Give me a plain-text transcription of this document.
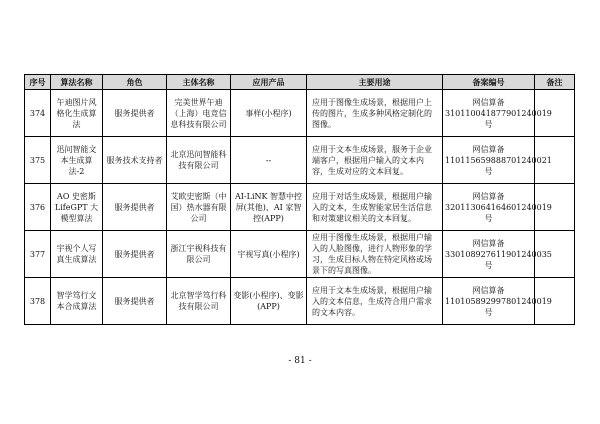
序号	算法名称	角色	主体名称	应用产品	主要用途	备案编号	备注
374	午迪图片风格化生成算法	服务提供者	完美世界午迪（上海）电竞信息科技有限公司	事样(小程序)	应用于图像生成场景，根据用户上传的图片，生成多种风格定制化的图像。	网信算备
310110041877901240019 号	
375	迅问智能文本生成算法-2	服务技术支持者	北京迅问智能科技有限公司	--	应用于文本生成场景，服务于企业端客户，根据用户输入的文本内容，生成对应的文本回复。	网信算备
110115659888701240021 号	
376	AO 史密斯 LifeGPT 大模型算法	服务提供者	艾欧史密斯（中国）热水器有限公司	AI-LiNK 智慧中控屏(其他)、AI 家智控(APP)	应用于对话生成场景，根据用户输入的文本，生成智能家居生活信息和对策建议相关的文本回复。	网信算备
320113064164601240019 号	
377	宇视个人写真生成算法	服务提供者	浙江宇视科技有限公司	宇视写真(小程序)	应用于图像生成场景，根据用户输入的人脸图像，进行人物形象的学习，生成目标人物在特定风格或场景下的写真图像。	网信算备
330108927611901240035 号	
378	智学笃行文本合成算法	服务提供者	北京智学笃行科技有限公司	变影(小程序)、变影(APP)	应用于文本生成场景，根据用户输入的文本信息，生成符合用户需求的文本内容。	网信算备
110105892997801240019 号	
- 81 -
